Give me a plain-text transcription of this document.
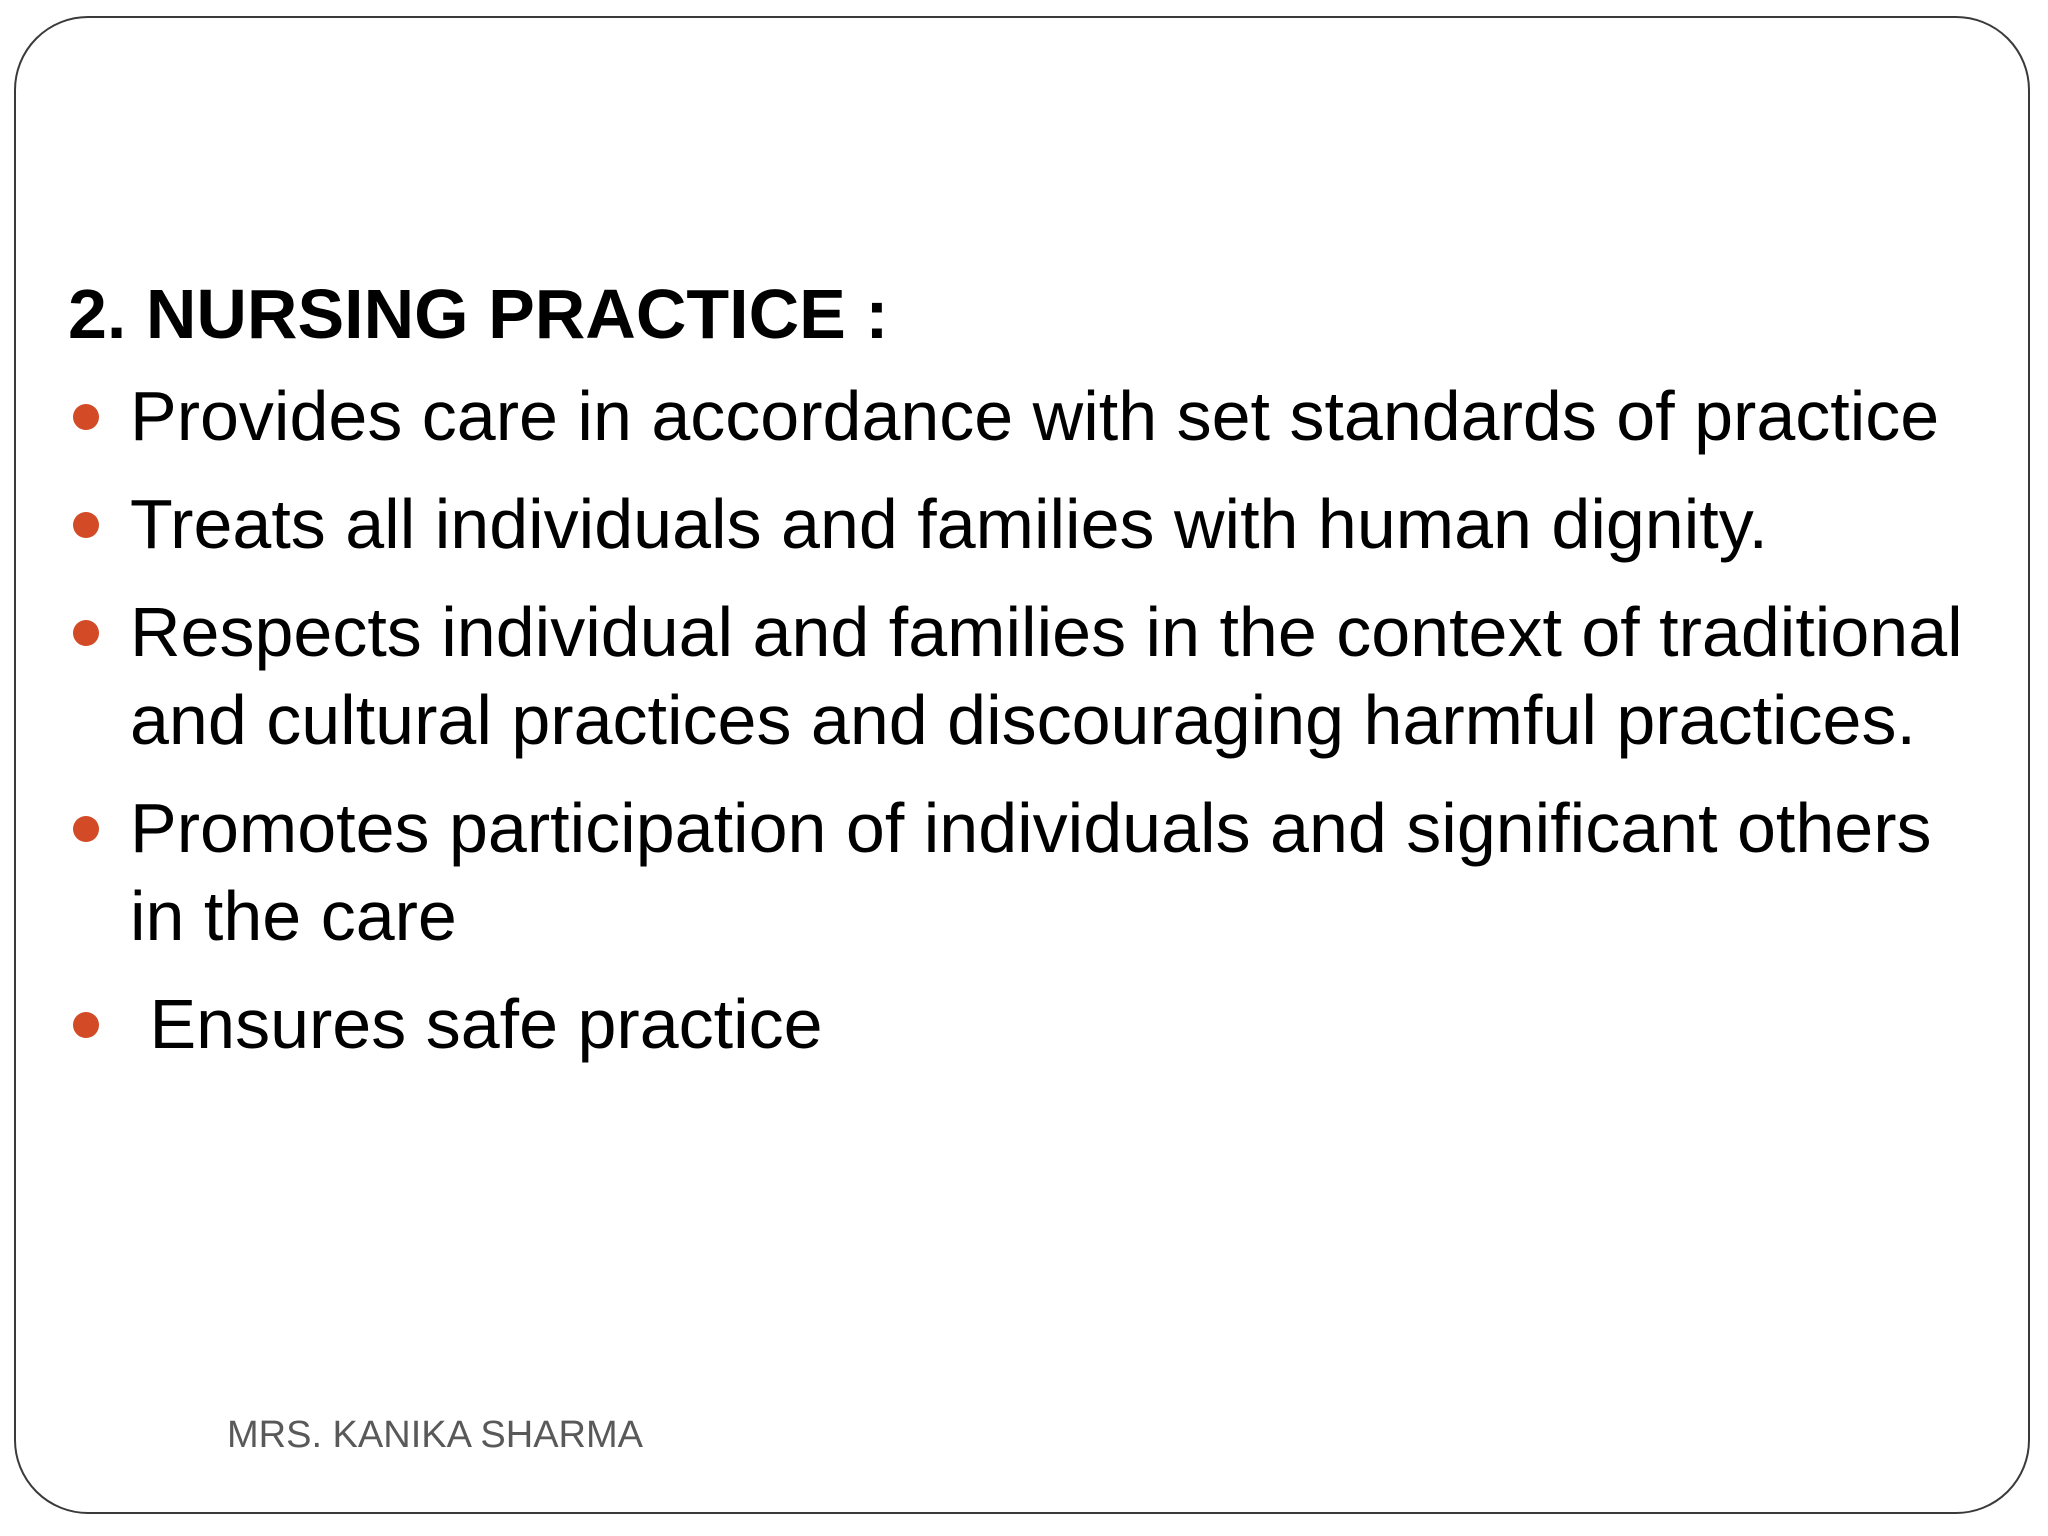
2. NURSING PRACTICE :
Provides care in accordance with set standards of practice
Treats all individuals and families with human dignity.
Respects individual and families in the context of traditional and cultural practices and discouraging harmful practices.
Promotes participation of individuals and significant others in the care
Ensures safe practice
MRS. KANIKA SHARMA
